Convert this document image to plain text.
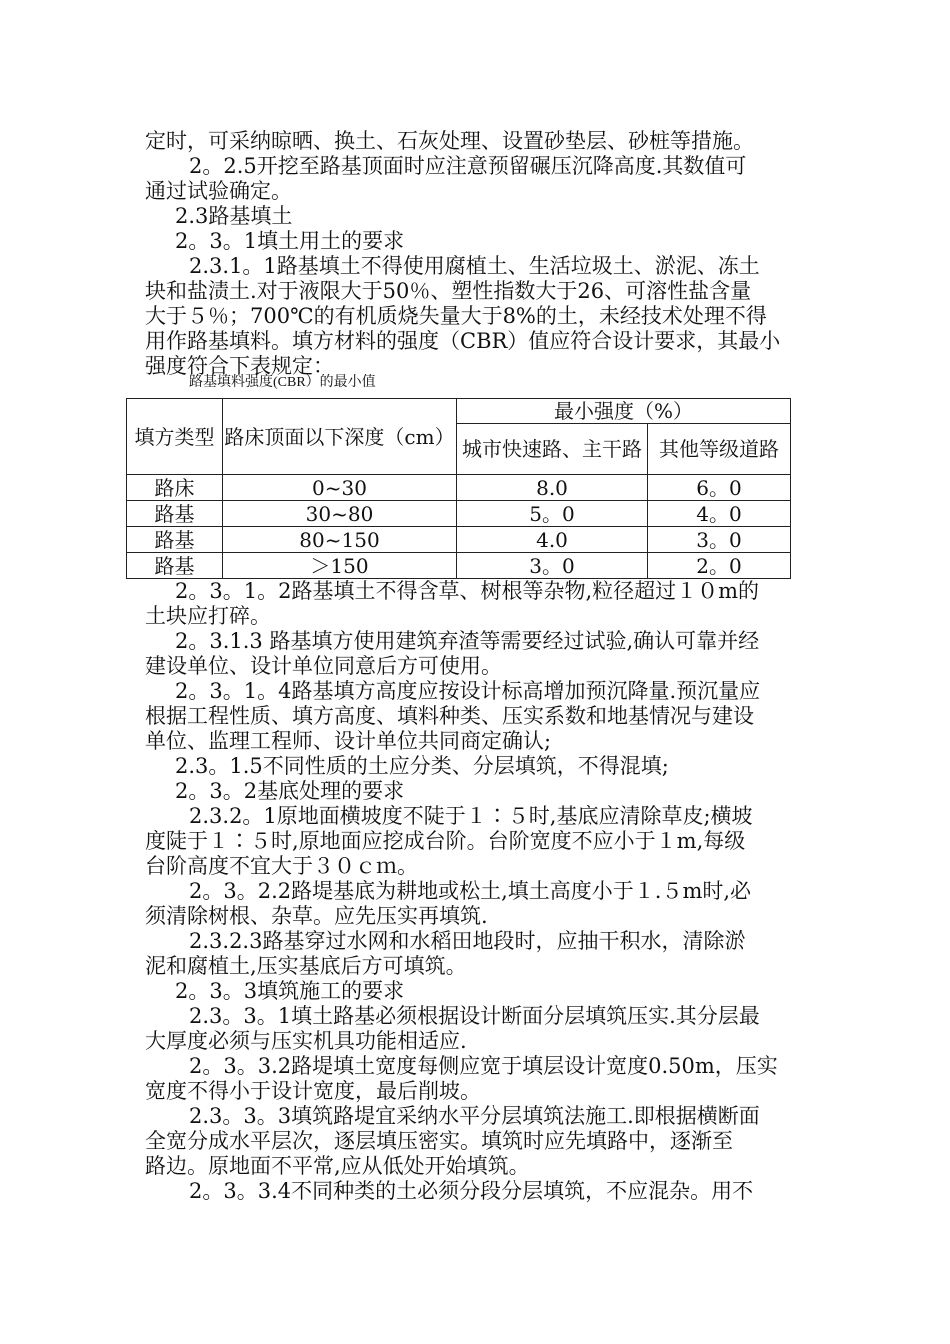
定时，可采纳晾晒、换土、石灰处理、设置砂垫层、砂桩等措施。
2。2.5开挖至路基顶面时应注意预留碾压沉降高度.其数值可
通过试验确定。
2.3路基填土
2。3。1填土用土的要求
2.3.1。1路基填土不得使用腐植土、生活垃圾土、淤泥、冻土
块和盐渍土.对于液限大于50％、塑性指数大于26、可溶性盐含量
大于５％；700℃的有机质烧失量大于8%的土，未经技术处理不得
用作路基填料。填方材料的强度（CBR）值应符合设计要求，其最小
强度符合下表规定：
路基填料强度(CBR）的最小值
填方类型	路床顶面以下深度（cm）	最小强度（%）	
		城市快速路、主干路	其他等级道路
路床	0~30	8.0	6。0
路基	30~80	5。0	4。0
路基	80~150	4.0	3。0
路基	＞150	3。0	2。0
2。3。1。2路基填土不得含草、树根等杂物,粒径超过１０m的
土块应打碎。
2。3.1.3 路基填方使用建筑弃渣等需要经过试验,确认可靠并经
建设单位、设计单位同意后方可使用。
2。3。1。4路基填方高度应按设计标高增加预沉降量.预沉量应
根据工程性质、填方高度、填料种类、压实系数和地基情况与建设
单位、监理工程师、设计单位共同商定确认;
2.3。1.5不同性质的土应分类、分层填筑，不得混填;
2。3。2基底处理的要求
2.3.2。1原地面横坡度不陡于１∶５时,基底应清除草皮;横坡
度陡于１∶５时,原地面应挖成台阶。台阶宽度不应小于１m,每级
台阶高度不宜大于３０ｃｍ。
2。3。2.2路堤基底为耕地或松土,填土高度小于１.５m时,必
须清除树根、杂草。应先压实再填筑.
2.3.2.3路基穿过水网和水稻田地段时，应抽干积水，清除淤
泥和腐植土,压实基底后方可填筑。
2。3。3填筑施工的要求
2.3。3。1填土路基必须根据设计断面分层填筑压实.其分层最
大厚度必须与压实机具功能相适应.
2。3。3.2路堤填土宽度每侧应宽于填层设计宽度0.50m，压实
宽度不得小于设计宽度，最后削坡。
2.3。3。3填筑路堤宜采纳水平分层填筑法施工.即根据横断面
全宽分成水平层次，逐层填压密实。填筑时应先填路中，逐渐至
路边。原地面不平常,应从低处开始填筑。
2。3。3.4不同种类的土必须分段分层填筑，不应混杂。用不
